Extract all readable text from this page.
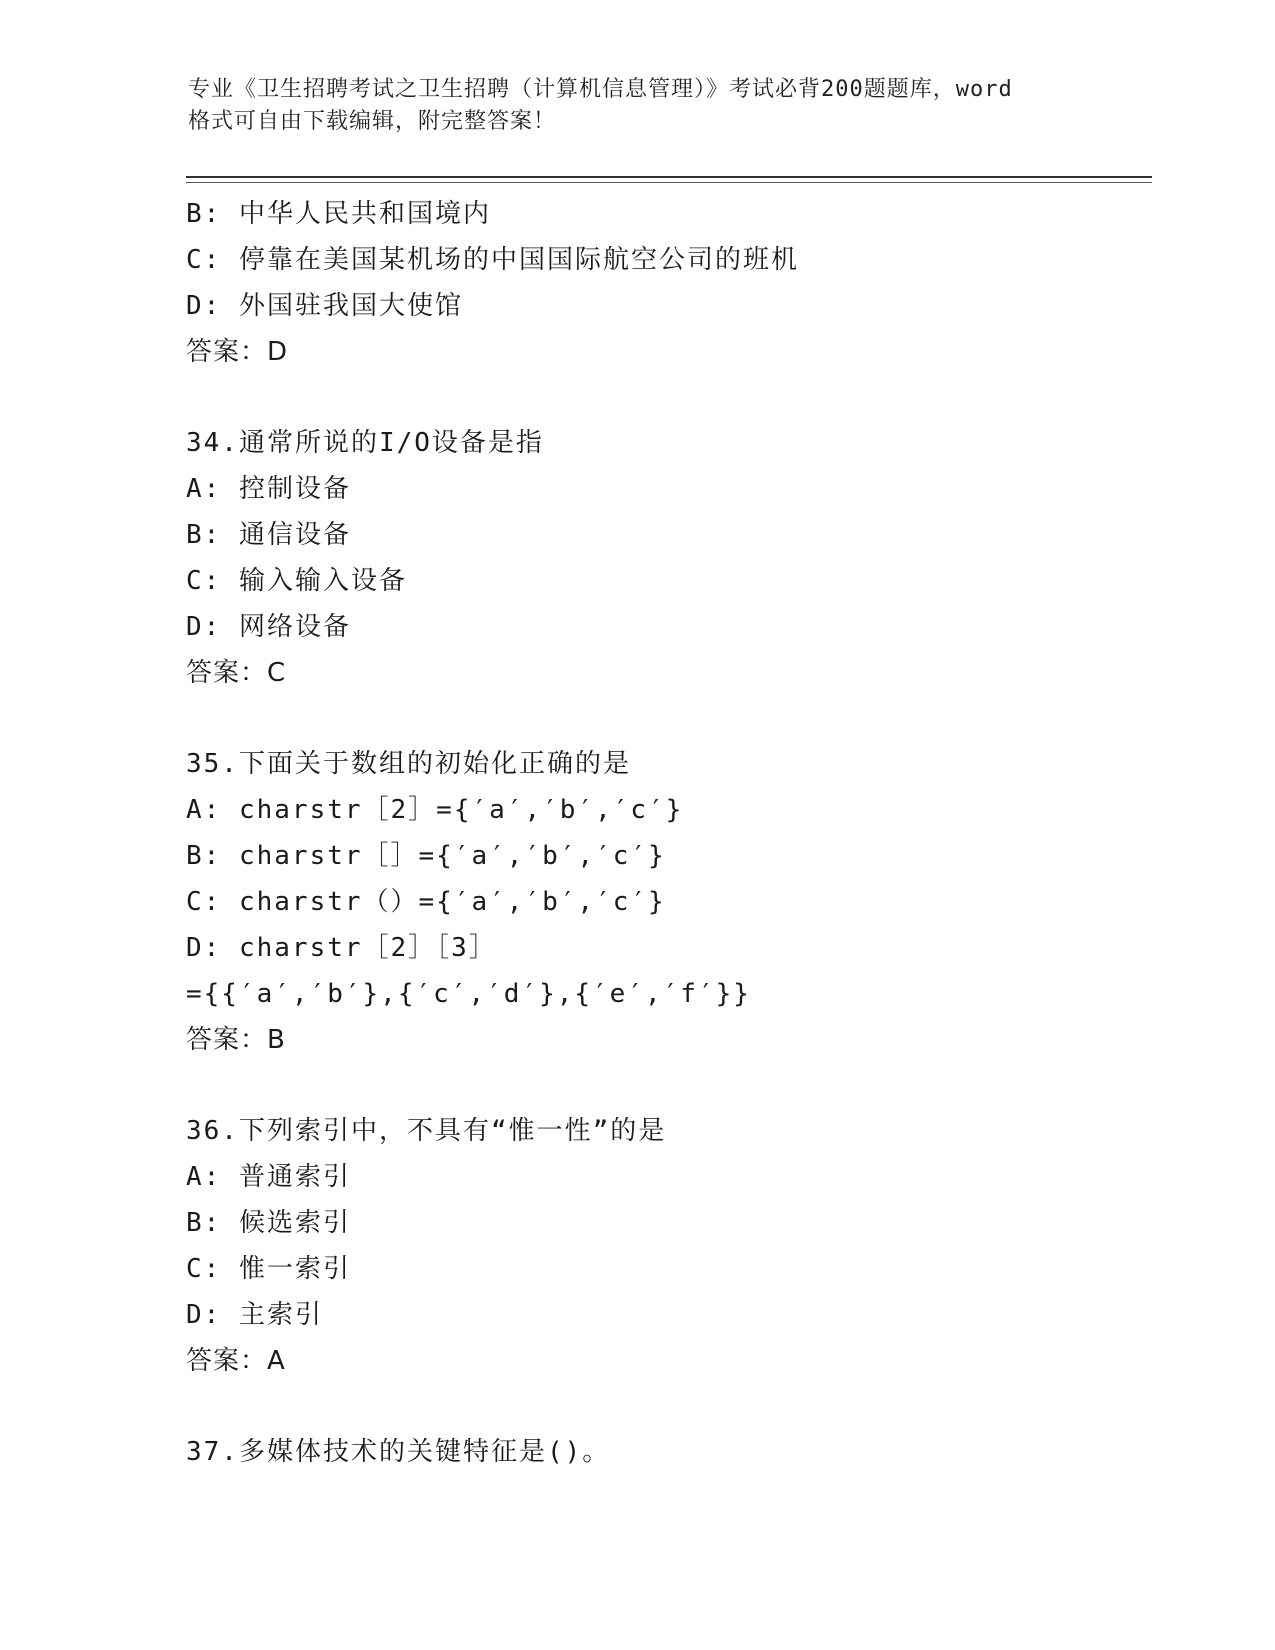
专业《卫生招聘考试之卫生招聘（计算机信息管理）》考试必背200题题库，word
格式可自由下载编辑，附完整答案！
B: 中华人民共和国境内
C: 停靠在美国某机场的中国国际航空公司的班机
D: 外国驻我国大使馆
答案：D
34.通常所说的I/O设备是指
A: 控制设备
B: 通信设备
C: 输入输入设备
D: 网络设备
答案：C
35.下面关于数组的初始化正确的是
A: charstr［2］={′a′,′b′,′c′}
B: charstr［］={′a′,′b′,′c′}
C: charstr（）={′a′,′b′,′c′}
D: charstr［2］［3］
={{′a′,′b′},{′c′,′d′},{′e′,′f′}}
答案：B
36.下列索引中，不具有“惟一性”的是
A: 普通索引
B: 候选索引
C: 惟一索引
D: 主索引
答案：A
37.多媒体技术的关键特征是()。
